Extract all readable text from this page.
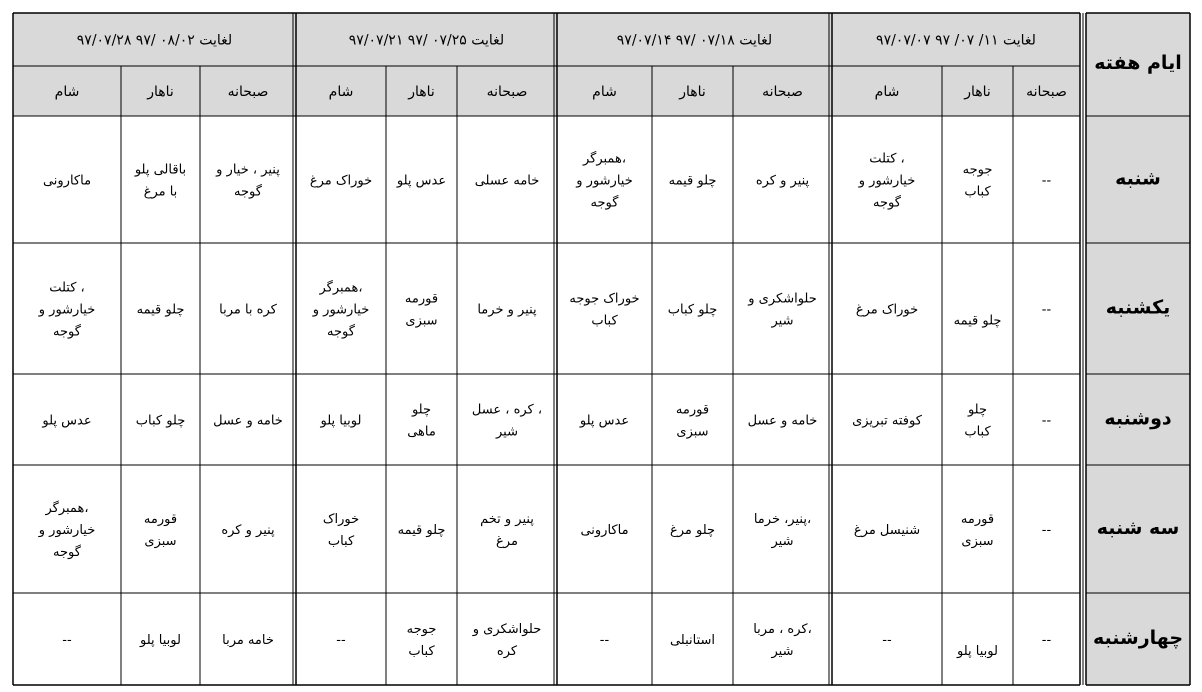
ایام هفته
شنبه
یکشنبه
دوشنبه
سه شنبه
چهارشنبه
۹۷/۰۷/۰۷ لغایت ۱۱/ ۰۷/ ۹۷
صبحانه
ناهار
شام
--
جوجه کباب
کتلت ، خیارشور و گوجه
--
چلو قیمه
خوراک مرغ
--
چلو کباب
کوفته تبریزی
--
قورمه سبزی
شنیسل مرغ
--
لوبیا پلو
--
۹۷/۰۷/۱۴ لغایت ۰۷/۱۸ /۹۷
صبحانه
ناهار
شام
پنیر و کره
چلو قیمه
همبرگر، خیارشور و گوجه
حلواشکری و شیر
چلو کباب
خوراک جوجه کباب
خامه و عسل
قورمه سبزی
عدس پلو
پنیر، خرما، شیر
چلو مرغ
ماکارونی
کره ، مربا، شیر
استانبلی
--
۹۷/۰۷/۲۱ لغایت ۰۷/۲۵ /۹۷
صبحانه
ناهار
شام
خامه عسلی
عدس پلو
خوراک مرغ
پنیر و خرما
قورمه سبزی
همبرگر، خیارشور و گوجه
کره ، عسل ، شیر
چلو ماهی
لوبیا پلو
پنیر و تخم مرغ
چلو قیمه
خوراک کباب
حلواشکری و کره
جوجه کباب
--
۹۷/۰۷/۲۸ لغایت ۰۸/۰۲ /۹۷
صبحانه
ناهار
شام
پنیر ، خیار و گوجه
باقالی پلو با مرغ
ماکارونی
کره با مربا
چلو قیمه
کتلت ، خیارشور و گوجه
خامه و عسل
چلو کباب
عدس پلو
پنیر و کره
قورمه سبزی
همبرگر، خیارشور و گوجه
خامه مربا
لوبیا پلو
--
